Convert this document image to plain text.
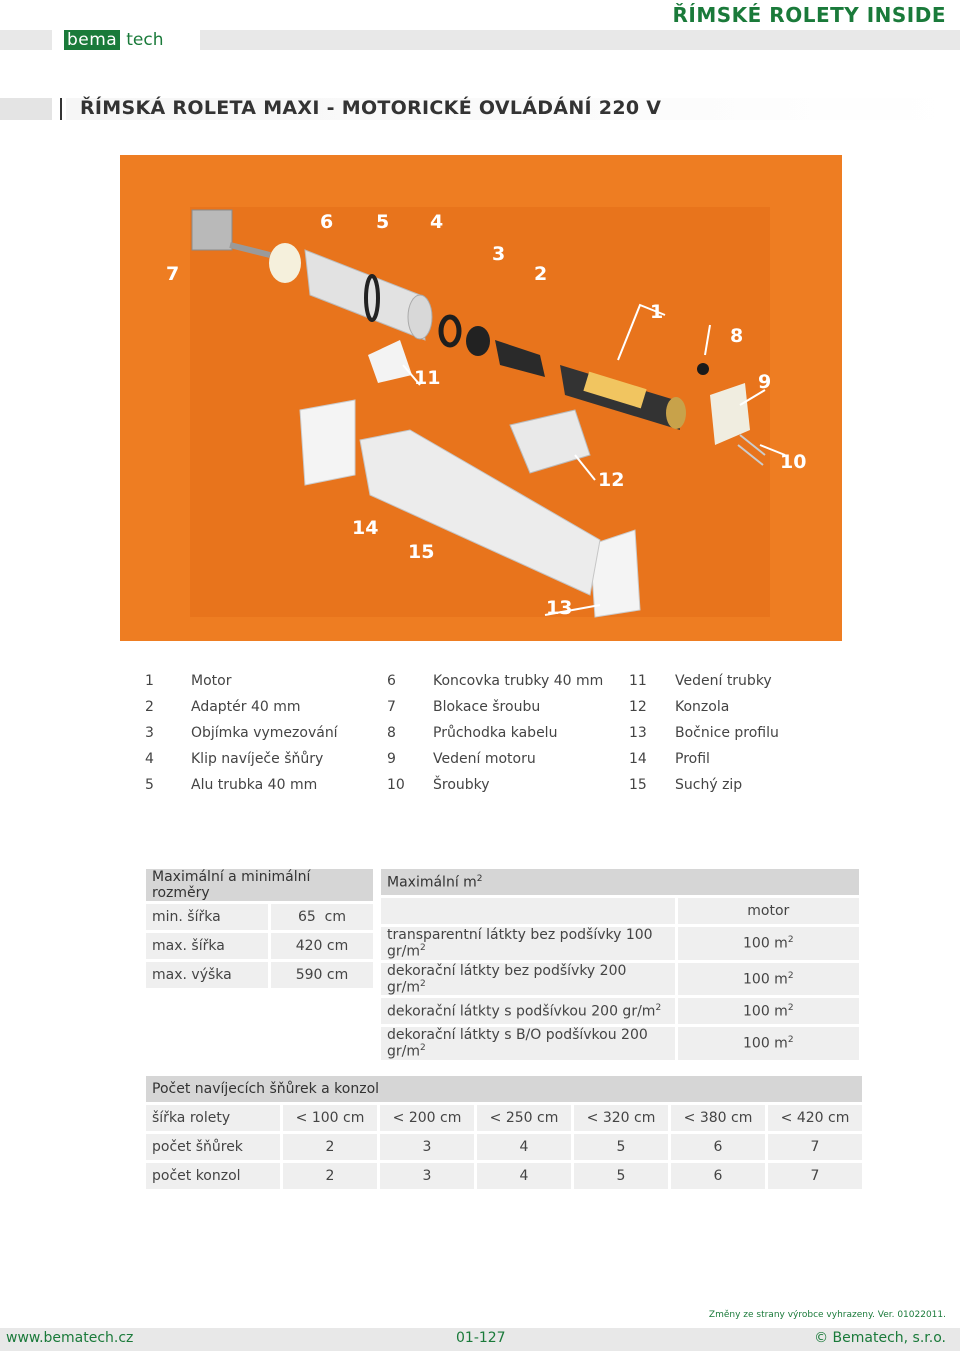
bema tech
ŘÍMSKÉ ROLETY INSIDE
ŘÍMSKÁ ROLETA MAXI - MOTORICKÉ OVLÁDÁNÍ 220 V
7
6 5 4
3
2
1
8
9
10
11
12
13
14
15
1	Motor
2	Adaptér 40 mm
3	Objímka vymezování
4	Klip navíječe šňůry
5	Alu trubka 40 mm
6	Koncovka trubky 40 mm
7	Blokace šroubu
8	Průchodka kabelu
9	Vedení motoru
10	Šroubky
11	Vedení trubky
12	Konzola
13	Bočnice profilu
14	Profil
15	Suchý zip
Maximální a minimální rozměry	
min. šířka	65  cm
max. šířka	420 cm
max. výška	590 cm
Maximální $m^2$
	motor
transparentní látkty bez podšívky 100 $gr/m^2$	100 $m^2$
dekorační látkty bez podšívky 200 $gr/m^2$	100 $m^2$
dekorační látkty s podšívkou 200 $gr/m^2$	100 $m^2$
dekorační látkty s B/O podšívkou 200 $gr/m^2$	100 $m^2$
Počet navíjecích šňůrek a konzol						
šířka rolety	< 100 cm	< 200 cm	< 250 cm	< 320 cm	< 380 cm	< 420 cm
počet šňůrek	2	3	4	5	6	7
počet konzol	2	3	4	5	6	7
Změny ze strany výrobce vyhrazeny. Ver. 01022011.
www.bematech.cz	01-127	© Bematech, s.r.o.
